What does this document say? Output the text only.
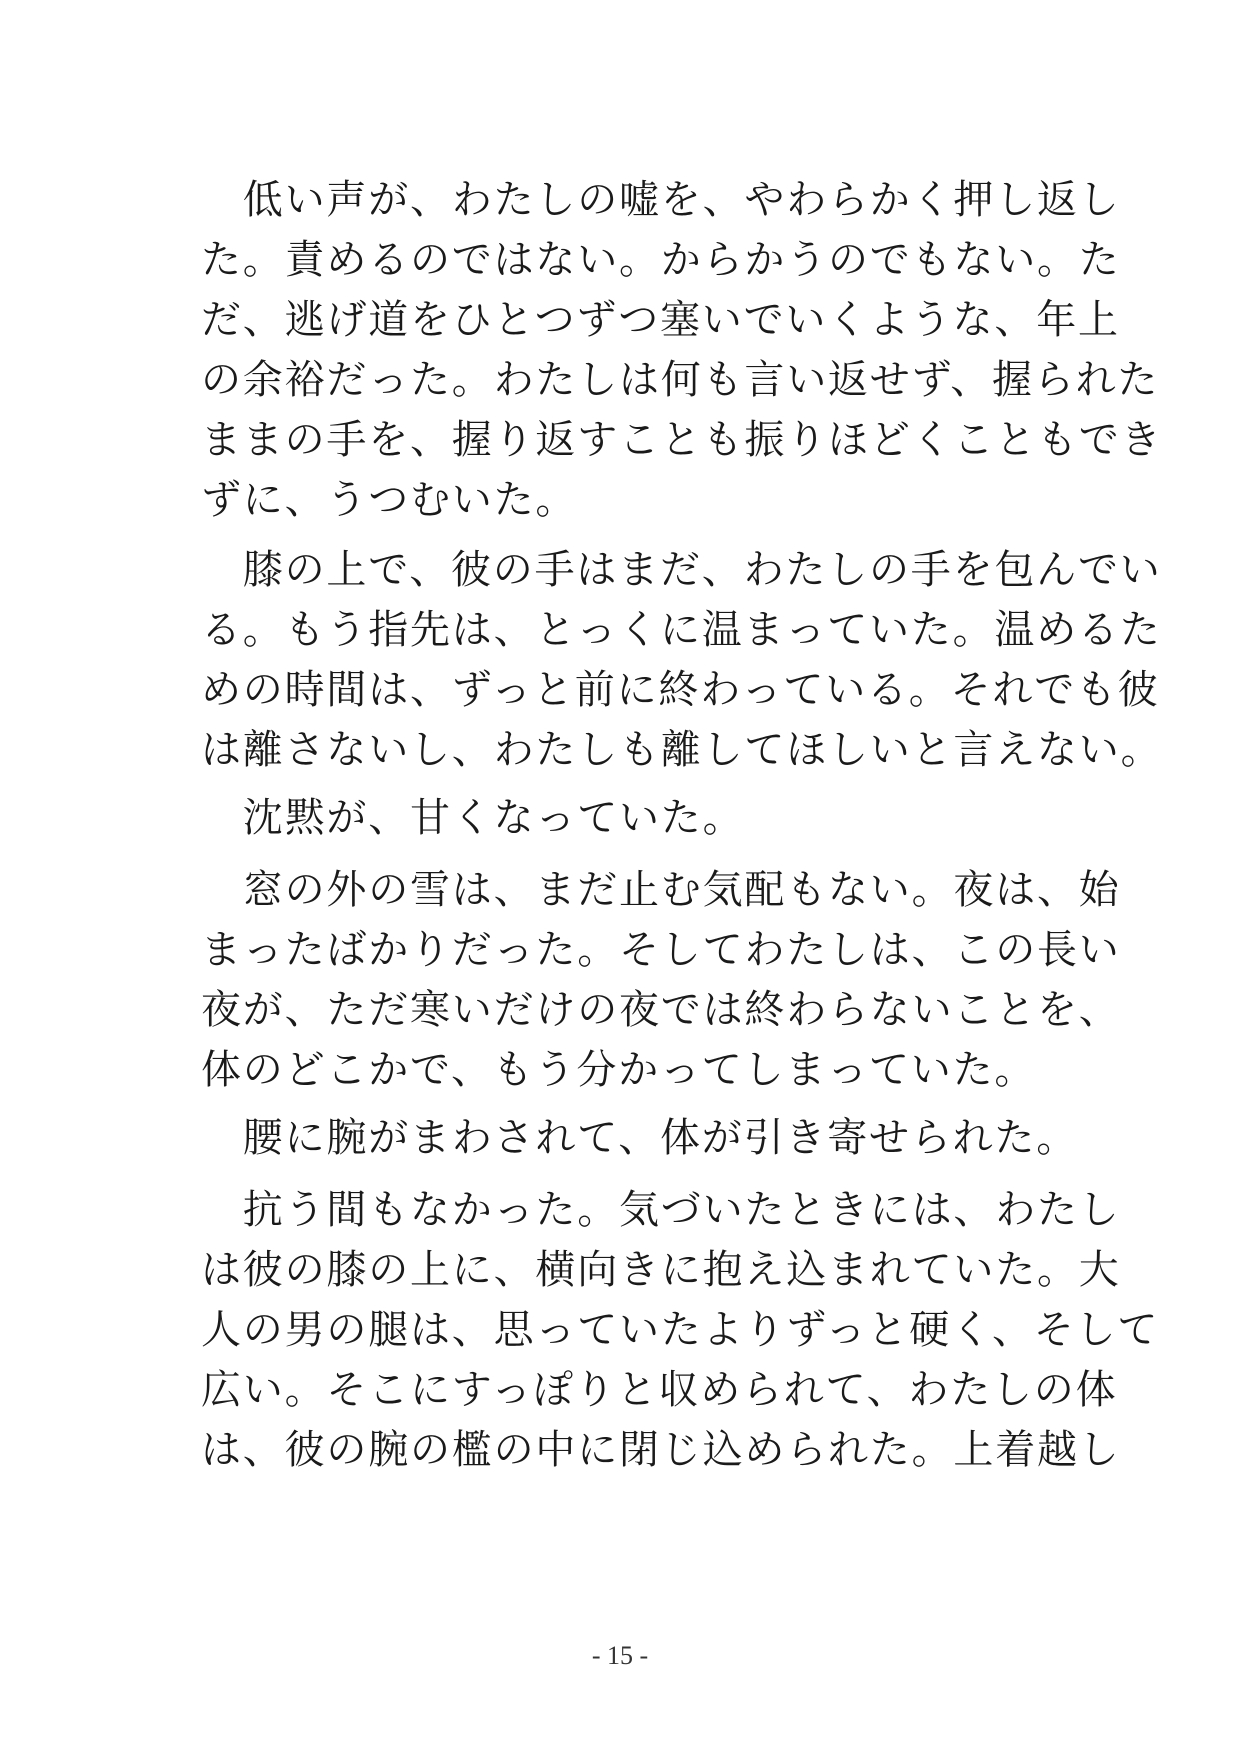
　低い声が、わたしの嘘を、やわらかく押し返し
た。責めるのではない。からかうのでもない。た
だ、逃げ道をひとつずつ塞いでいくような、年上
の余裕だった。わたしは何も言い返せず、握られた
ままの手を、握り返すことも振りほどくこともでき
ずに、うつむいた。
　膝の上で、彼の手はまだ、わたしの手を包んでい
る。もう指先は、とっくに温まっていた。温めるた
めの時間は、ずっと前に終わっている。それでも彼
は離さないし、わたしも離してほしいと言えない。
　沈黙が、甘くなっていた。
　窓の外の雪は、まだ止む気配もない。夜は、始
まったばかりだった。そしてわたしは、この長い
夜が、ただ寒いだけの夜では終わらないことを、
体のどこかで、もう分かってしまっていた。
　腰に腕がまわされて、体が引き寄せられた。
　抗う間もなかった。気づいたときには、わたし
は彼の膝の上に、横向きに抱え込まれていた。大
人の男の腿は、思っていたよりずっと硬く、そして
広い。そこにすっぽりと収められて、わたしの体
は、彼の腕の檻の中に閉じ込められた。上着越し
- 15 -
